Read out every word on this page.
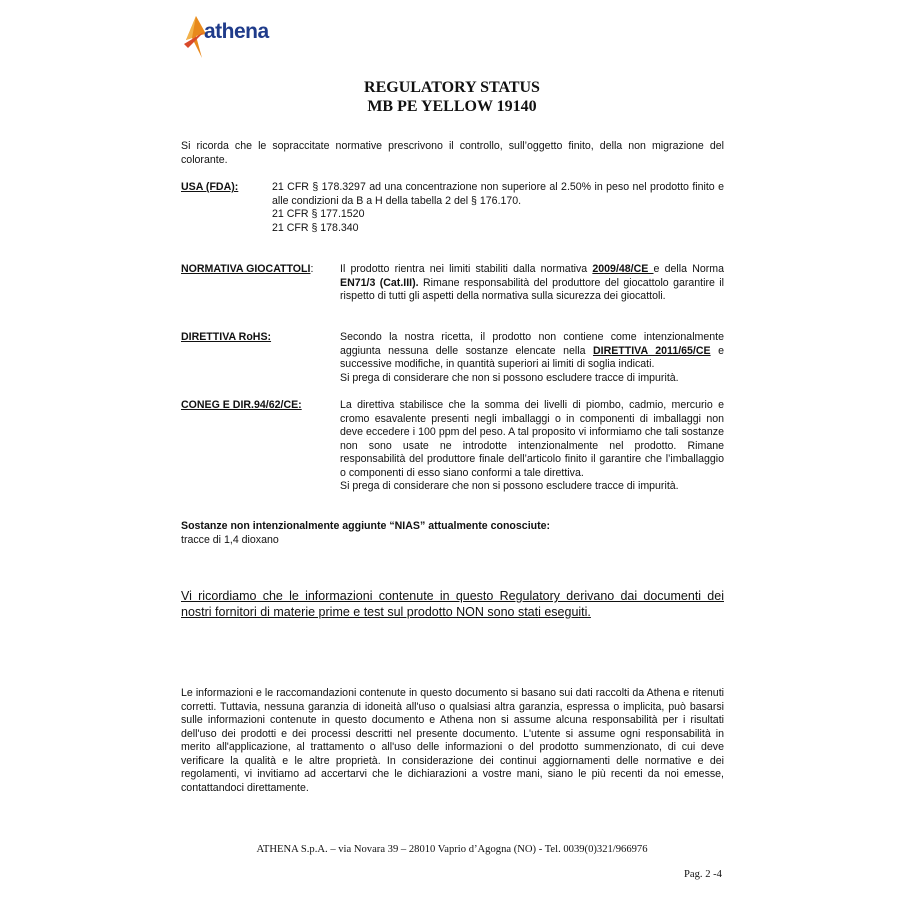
athena
REGULATORY STATUS
MB PE YELLOW 19140
Si ricorda che le sopraccitate normative prescrivono il controllo, sull’oggetto finito, della non migrazione del colorante.
USA (FDA):	21 CFR § 178.3297 ad una concentrazione non superiore al 2.50% in peso nel prodotto finito e alle condizioni da B a H della tabella 2 del § 176.170.
21 CFR § 177.1520
21 CFR § 178.340
NORMATIVA GIOCATTOLI:	Il prodotto rientra nei limiti stabiliti dalla normativa 2009/48/CE e della Norma EN71/3 (Cat.III). Rimane responsabilità del produttore del giocattolo garantire il rispetto di tutti gli aspetti della normativa sulla sicurezza dei giocattoli.
DIRETTIVA RoHS:	Secondo la nostra ricetta, il prodotto non contiene come intenzionalmente aggiunta nessuna delle sostanze elencate nella DIRETTIVA 2011/65/CE e successive modifiche, in quantità superiori ai limiti di soglia indicati.
Si prega di considerare che non si possono escludere tracce di impurità.
CONEG E DIR.94/62/CE:	La direttiva stabilisce che la somma dei livelli di piombo, cadmio, mercurio e cromo esavalente presenti negli imballaggi o in componenti di imballaggi non deve eccedere i 100 ppm del peso. A tal proposito vi informiamo che tali sostanze non sono usate ne introdotte intenzionalmente nel prodotto. Rimane responsabilità del produttore finale dell’articolo finito il garantire che l’imballaggio o componenti di esso siano conformi a tale direttiva.
Si prega di considerare che non si possono escludere tracce di impurità.
Sostanze non intenzionalmente aggiunte “NIAS” attualmente conosciute:
tracce di 1,4 dioxano
Vi ricordiamo che le informazioni contenute in questo Regulatory derivano dai documenti dei nostri fornitori di materie prime e test sul prodotto NON sono stati eseguiti.
Le informazioni e le raccomandazioni contenute in questo documento si basano sui dati raccolti da Athena e ritenuti corretti. Tuttavia, nessuna garanzia di idoneità all'uso o qualsiasi altra garanzia, espressa o implicita, può basarsi sulle informazioni contenute in questo documento e Athena non si assume alcuna responsabilità per i risultati dell'uso dei prodotti e dei processi descritti nel presente documento. L'utente si assume ogni responsabilità in merito all'applicazione, al trattamento o all'uso delle informazioni o del prodotto summenzionato, di cui deve verificare la qualità e le altre proprietà. In considerazione dei continui aggiornamenti delle normative e dei regolamenti, vi invitiamo ad accertarvi che le dichiarazioni a vostre mani, siano le più recenti da noi emesse, contattandoci direttamente.
ATHENA S.p.A. – via Novara 39 – 28010 Vaprio d’Agogna (NO) - Tel. 0039(0)321/966976
Pag. 2 -4
